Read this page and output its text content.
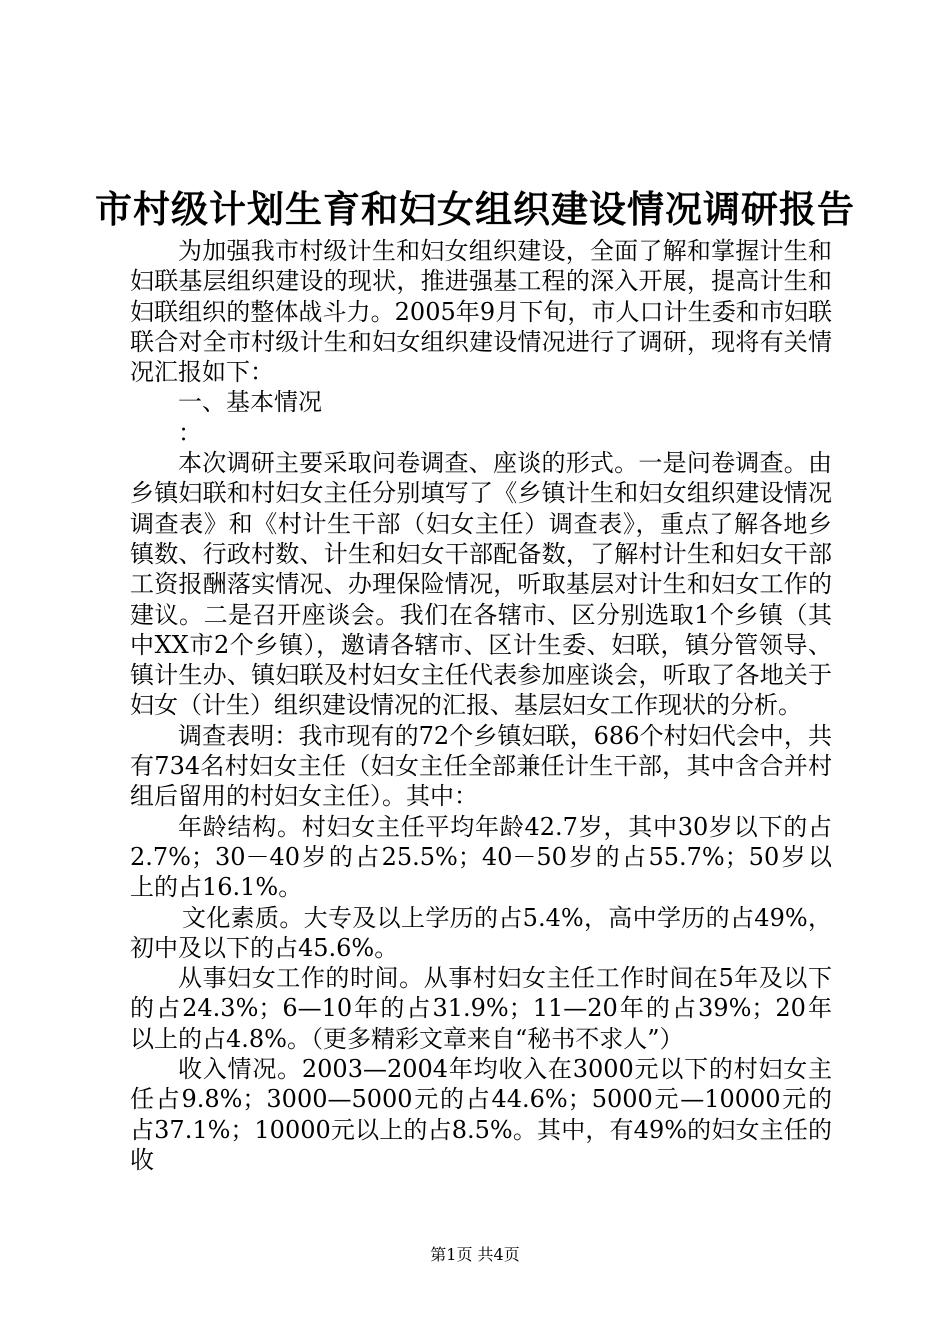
市村级计划生育和妇女组织建设情况调研报告

为加强我市村级计生和妇女组织建设，全面了解和掌握计生和妇联基层组织建设的现状，推进强基工程的深入开展，提高计生和妇联组织的整体战斗力。2005年9月下旬，市人口计生委和市妇联联合对全市村级计生和妇女组织建设情况进行了调研，现将有关情况汇报如下：

一、基本情况

：

本次调研主要采取问卷调查、座谈的形式。一是问卷调查。由乡镇妇联和村妇女主任分别填写了《乡镇计生和妇女组织建设情况调查表》和《村计生干部（妇女主任）调查表》，重点了解各地乡镇数、行政村数、计生和妇女干部配备数，了解村计生和妇女干部工资报酬落实情况、办理保险情况，听取基层对计生和妇女工作的建议。二是召开座谈会。我们在各辖市、区分别选取1个乡镇（其中XX市2个乡镇），邀请各辖市、区计生委、妇联，镇分管领导、镇计生办、镇妇联及村妇女主任代表参加座谈会，听取了各地关于妇女（计生）组织建设情况的汇报、基层妇女工作现状的分析。

调查表明：我市现有的72个乡镇妇联，686个村妇代会中，共有734名村妇女主任（妇女主任全部兼任计生干部，其中含合并村组后留用的村妇女主任）。其中：

年龄结构。村妇女主任平均年龄42.7岁，其中30岁以下的占2.7%；30－40岁的占25.5%；40－50岁的占55.7%；50岁以上的占16.1%。

文化素质。大专及以上学历的占5.4%，高中学历的占49%，初中及以下的占45.6%。

从事妇女工作的时间。从事村妇女主任工作时间在5年及以下的占24.3%；6—10年的占31.9%；11—20年的占39%；20年以上的占4.8%。（更多精彩文章来自“秘书不求人”）

收入情况。2003—2004年均收入在3000元以下的村妇女主任占9.8%；3000—5000元的占44.6%；5000元—10000元的占37.1%；10000元以上的占8.5%。其中，有49%的妇女主任的收

第1页 共4页
